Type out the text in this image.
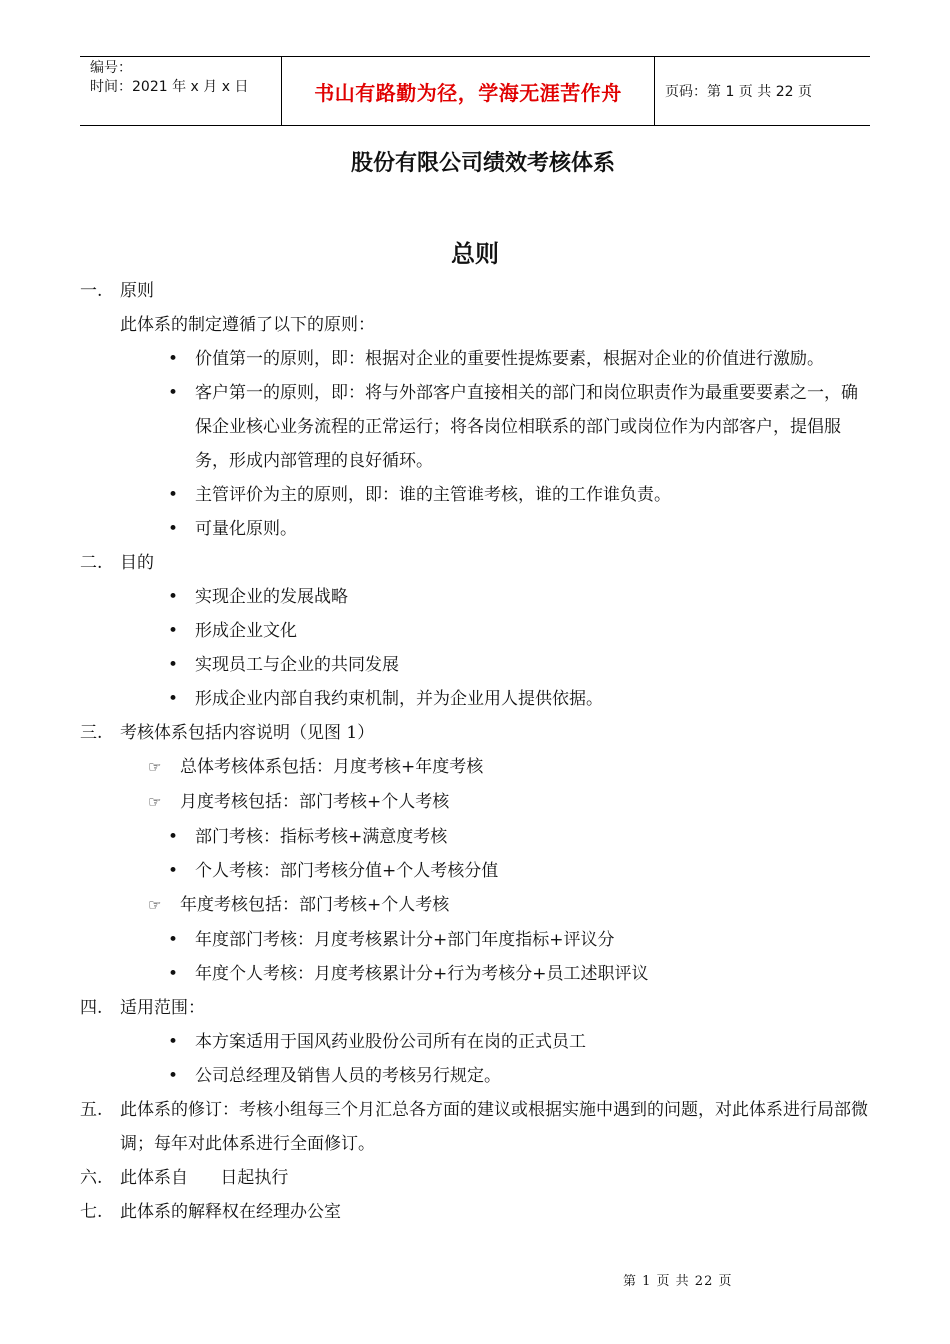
编号：
时间：2021 年 x 月 x 日	书山有路勤为径，学海无涯苦作舟	页码：第 1 页 共 22 页
股份有限公司绩效考核体系
总则
一. 原则
此体系的制定遵循了以下的原则：
• 价值第一的原则，即：根据对企业的重要性提炼要素，根据对企业的价值进行激励。
• 客户第一的原则，即：将与外部客户直接相关的部门和岗位职责作为最重要要素之一，确保企业核心业务流程的正常运行；将各岗位相联系的部门或岗位作为内部客户，提倡服务，形成内部管理的良好循环。
• 主管评价为主的原则，即：谁的主管谁考核，谁的工作谁负责。
• 可量化原则。
二. 目的
• 实现企业的发展战略
• 形成企业文化
• 实现员工与企业的共同发展
• 形成企业内部自我约束机制，并为企业用人提供依据。
三. 考核体系包括内容说明（见图 1）
☞ 总体考核体系包括：月度考核+年度考核
☞ 月度考核包括：部门考核+个人考核
• 部门考核：指标考核+满意度考核
• 个人考核：部门考核分值+个人考核分值
☞ 年度考核包括：部门考核+个人考核
• 年度部门考核：月度考核累计分+部门年度指标+评议分
• 年度个人考核：月度考核累计分+行为考核分+员工述职评议
四. 适用范围：
• 本方案适用于国风药业股份公司所有在岗的正式员工
• 公司总经理及销售人员的考核另行规定。
五. 此体系的修订：考核小组每三个月汇总各方面的建议或根据实施中遇到的问题，对此体系进行局部微调；每年对此体系进行全面修订。
六. 此体系自      日起执行
七. 此体系的解释权在经理办公室
第 1 页 共 22 页
